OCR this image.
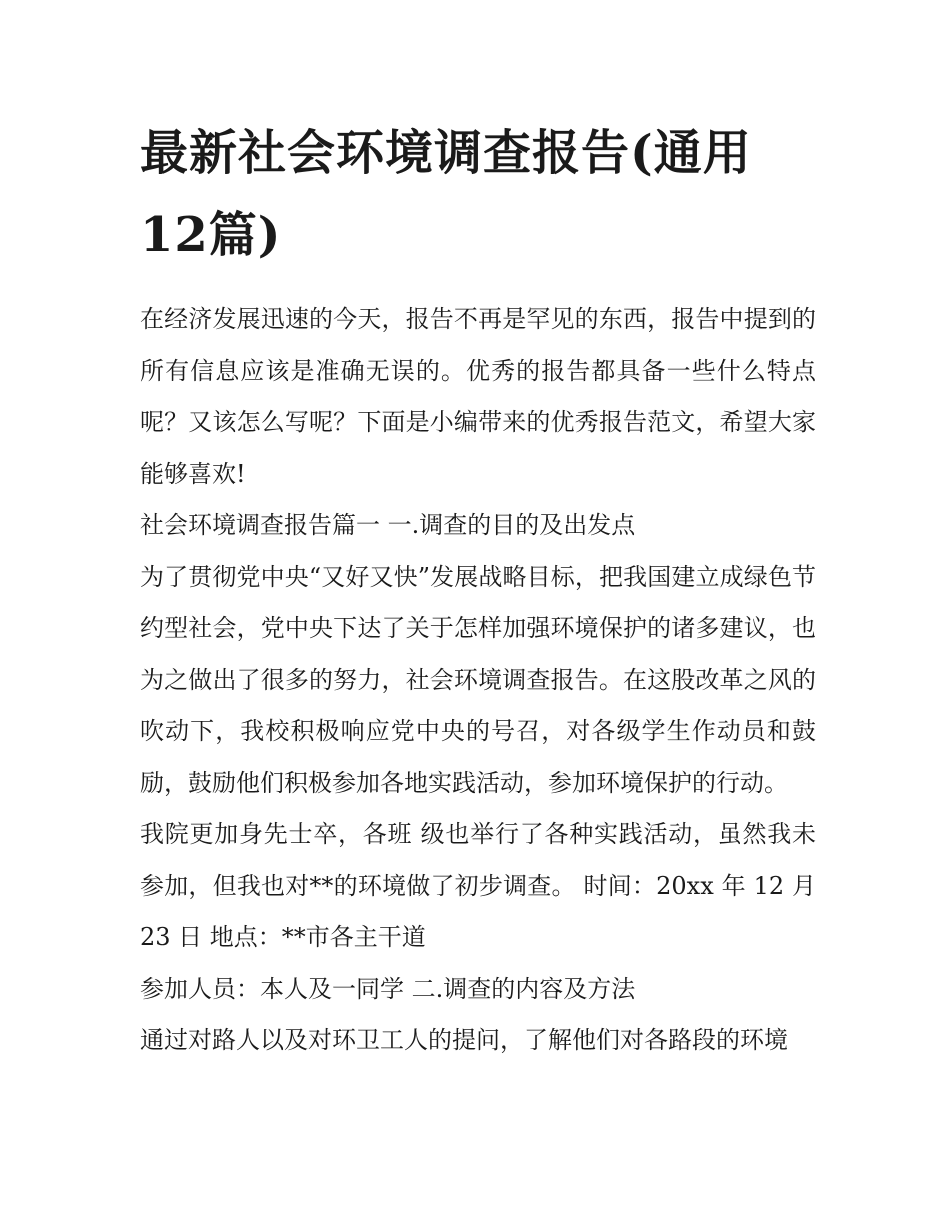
最新社会环境调查报告(通用12篇)

在经济发展迅速的今天，报告不再是罕见的东西，报告中提到的所有信息应该是准确无误的。优秀的报告都具备一些什么特点呢？又该怎么写呢？下面是小编带来的优秀报告范文，希望大家能够喜欢!

社会环境调查报告篇一 一.调查的目的及出发点

为了贯彻党中央“又好又快”发展战略目标，把我国建立成绿色节约型社会，党中央下达了关于怎样加强环境保护的诸多建议，也为之做出了很多的努力，社会环境调查报告。在这股改革之风的吹动下，我校积极响应党中央的号召，对各级学生作动员和鼓励，鼓励他们积极参加各地实践活动，参加环境保护的行动。

我院更加身先士卒，各班 级也举行了各种实践活动，虽然我未参加，但我也对**的环境做了初步调查。 时间：20xx 年 12 月 23 日 地点：**市各主干道

参加人员：本人及一同学 二.调查的内容及方法

通过对路人以及对环卫工人的提问，了解他们对各路段的环境
